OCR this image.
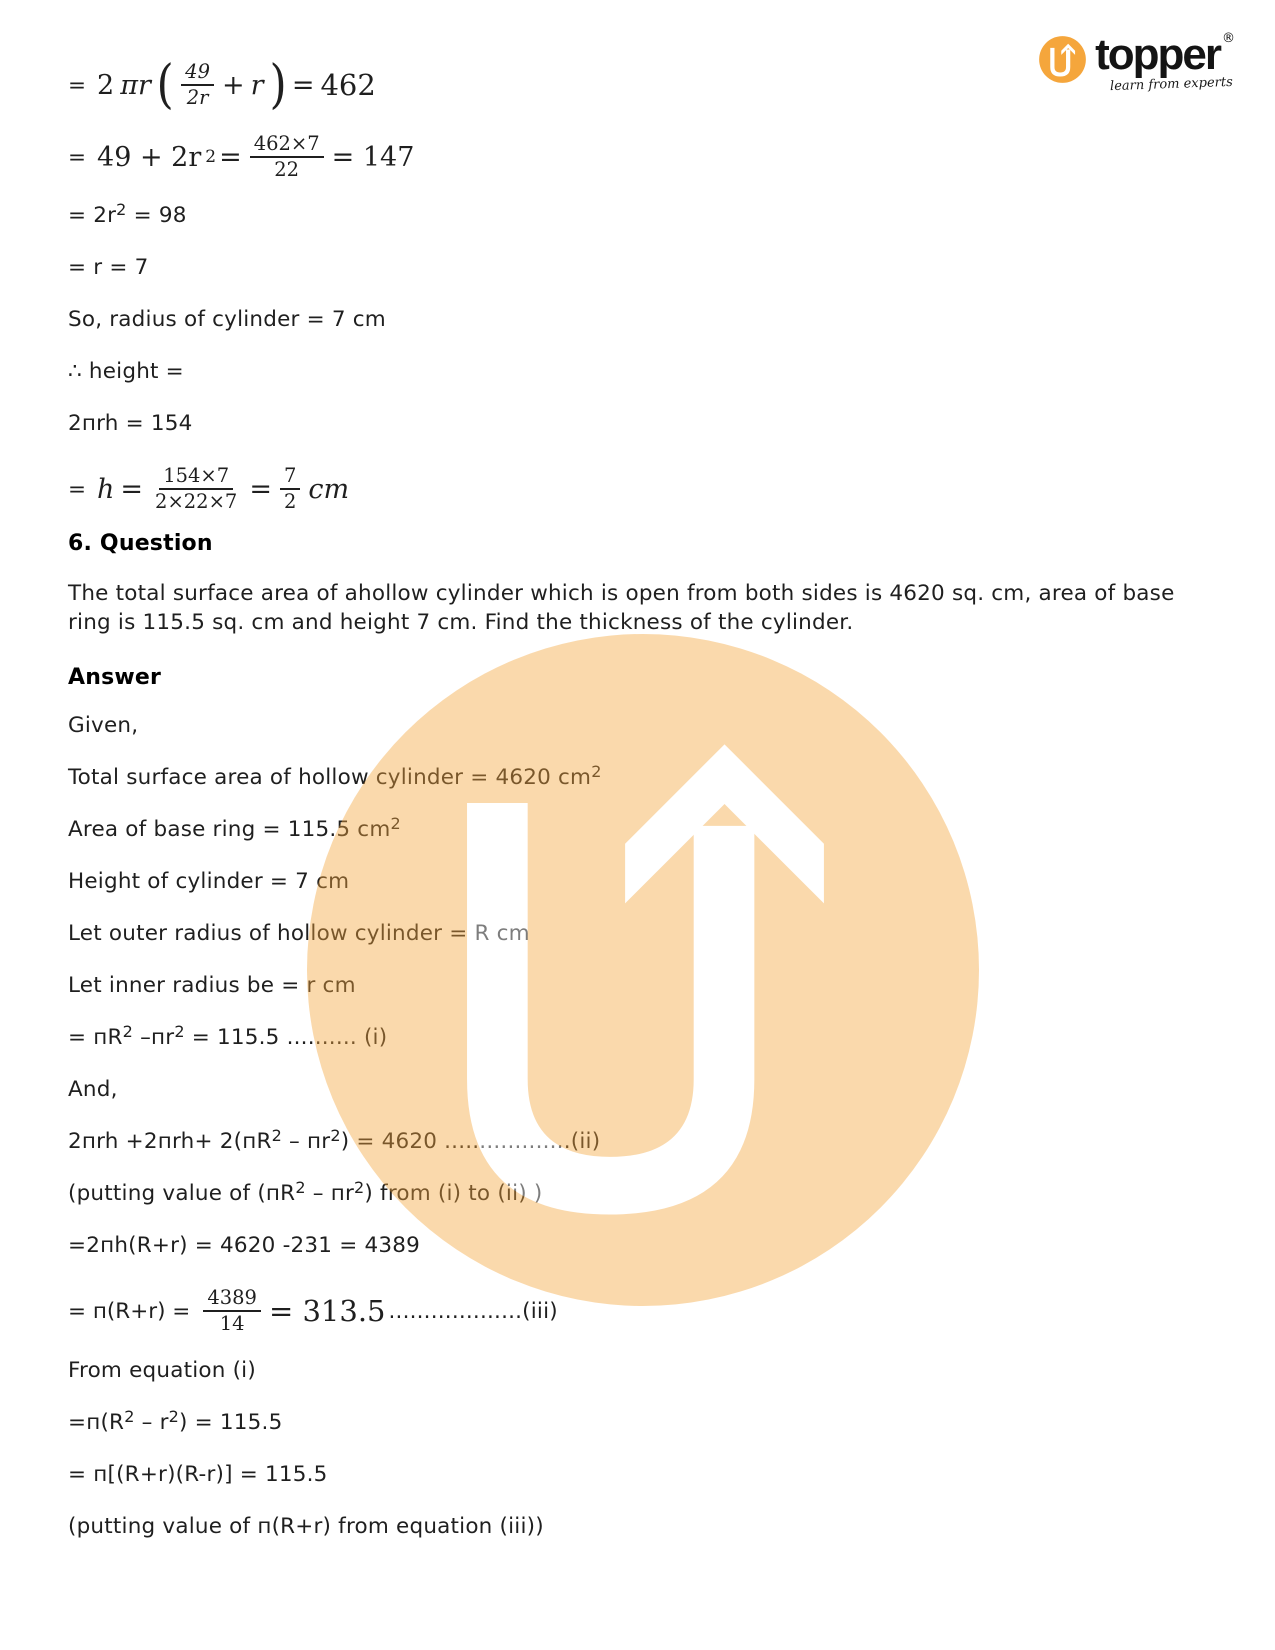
topper ®
learn from experts
= 2 πr ( $\frac{49}{2r} + r$ ) = 462
= 49 + 2r $2 = \frac{462\times 7}{22} = 147$

= $2r^2 = 98$

= r = 7

So, radius of cylinder = 7 cm

∴ height =

2пrh = 154

= $h = \frac{154\times 7}{2\times 22\times 7} = \frac{7}{2}$ cm
6. Question

The total surface area of ahollow cylinder which is open from both sides is 4620 sq. cm, area of base ring is 115.5 sq. cm and height 7 cm. Find the thickness of the cylinder.

Answer

Given,

Total surface area of hollow cylinder = 4620 $cm^2$

Area of base ring = 115.5 $cm^2$

Height of cylinder = 7 cm

Let outer radius of hollow cylinder = R cm

Let inner radius be = r cm

= $пR^2$ $-пr^2 = 115.5$ .......... (i)

And,

$2пrh +2пrh+ 2(пR^2 - пr^2) = 4620$ ..................(ii)

(putting value of $(пR^2 - пr^2)$ from (i) to (ii) )

=2пh(R+r) = 4620 -231 = 4389

= $п(R+r) = \frac{4389}{14} = 313.5$ ................... (iii)

From equation (i)

$=п(R^2 - r^2) = 115.5$

= п[(R+r)(R-r)] = 115.5

(putting value of п(R+r) from equation (iii))
